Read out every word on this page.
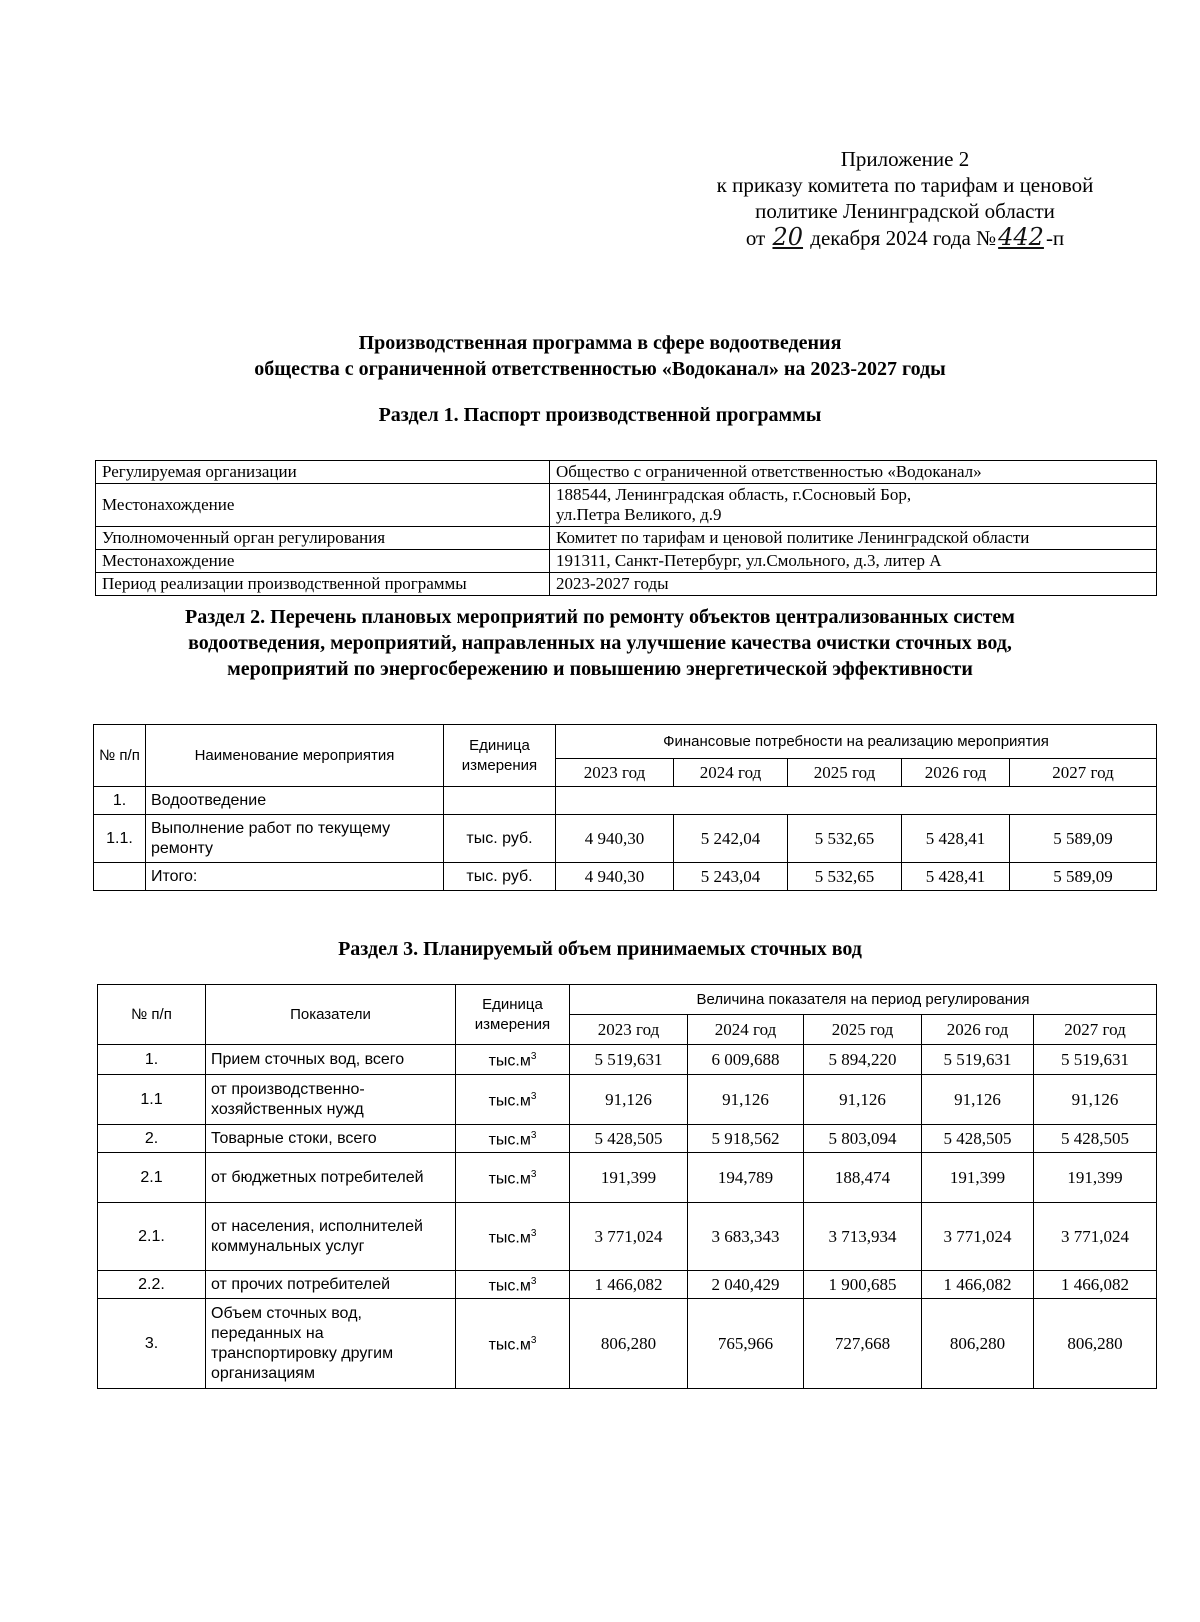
Приложение 2
к приказу комитета по тарифам и ценовой
политике Ленинградской области
от 20 декабря 2024 года №442-п
Производственная программа в сфере водоотведения
общества с ограниченной ответственностью «Водоканал» на 2023-2027 годы
Раздел 1. Паспорт производственной программы
Регулируемая организации	Общество с ограниченной ответственностью «Водоканал»
Местонахождение	188544, Ленинградская область, г.Сосновый Бор,
ул.Петра Великого, д.9

Уполномоченный орган регулирования	Комитет по тарифам и ценовой политике Ленинградской области
Местонахождение	191311, Санкт-Петербург, ул.Смольного, д.3, литер А
Период реализации производственной программы	2023-2027 годы
Раздел 2. Перечень плановых мероприятий по ремонту объектов централизованных систем
водоотведения, мероприятий, направленных на улучшение качества очистки сточных вод,
мероприятий по энергосбережению и повышению энергетической эффективности
№ п/п	Наименование мероприятия	Единица измерения	Финансовые потребности на реализацию мероприятия				
			2023 год	2024 год	2025 год	2026 год	2027 год
1.	Водоотведение						
1.1.	Выполнение работ по текущему ремонту	тыс. руб.	4 940,30	5 242,04	5 532,65	5 428,41	5 589,09
	Итого:	тыс. руб.	4 940,30	5 243,04	5 532,65	5 428,41	5 589,09
Раздел 3. Планируемый объем принимаемых сточных вод
№ п/п	Показатели	Единица измерения	Величина показателя на период регулирования				
			2023 год	2024 год	2025 год	2026 год	2027 год
1.	Прием сточных вод, всего	$тыс.м^3$	5 519,631	6 009,688	5 894,220	5 519,631	5 519,631
1.1	от производственно-хозяйственных нужд	$тыс.м^3$	91,126	91,126	91,126	91,126	91,126
2.	Товарные стоки, всего	$тыс.м^3$	5 428,505	5 918,562	5 803,094	5 428,505	5 428,505
2.1	от бюджетных потребителей	$тыс.м^3$	191,399	194,789	188,474	191,399	191,399
2.1.	от населения, исполнителей коммунальных услуг	$тыс.м^3$	3 771,024	3 683,343	3 713,934	3 771,024	3 771,024
2.2.	от прочих потребителей	$тыс.м^3$	1 466,082	2 040,429	1 900,685	1 466,082	1 466,082
3.	Объем сточных вод, переданных на транспортировку другим организациям	$тыс.м^3$	806,280	765,966	727,668	806,280	806,280
